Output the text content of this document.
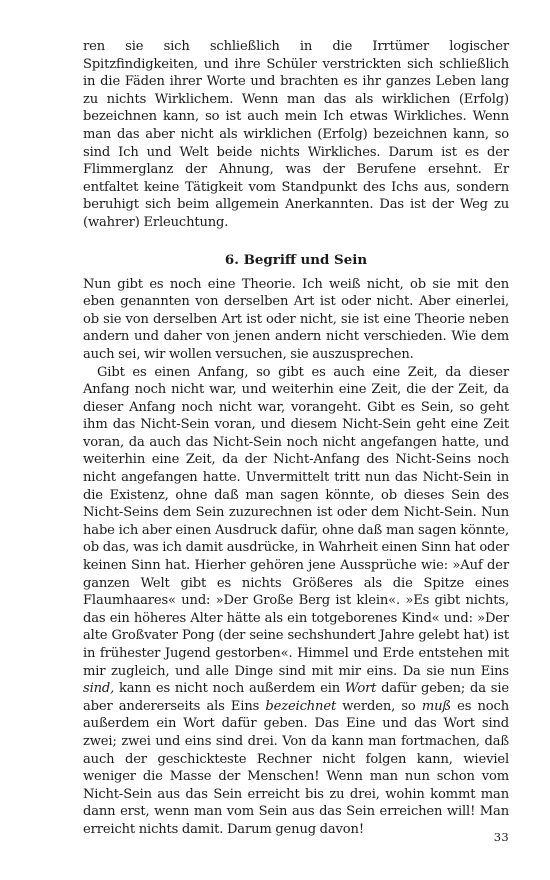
ren sie sich schließlich in die Irrtümer logischer Spitzfindigkeiten, und ihre Schüler verstrickten sich schließlich in die Fäden ihrer Worte und brachten es ihr ganzes Leben lang zu nichts Wirklichem. Wenn man das als wirklichen (Erfolg) bezeichnen kann, so ist auch mein Ich etwas Wirkliches. Wenn man das aber nicht als wirklichen (Erfolg) bezeichnen kann, so sind Ich und Welt beide nichts Wirkliches. Darum ist es der Flimmerglanz der Ahnung, was der Berufene ersehnt. Er entfaltet keine Tätigkeit vom Standpunkt des Ichs aus, sondern beruhigt sich beim allgemein Anerkannten. Das ist der Weg zu (wahrer) Erleuchtung.

6. Begriff und Sein

Nun gibt es noch eine Theorie. Ich weiß nicht, ob sie mit den eben genannten von derselben Art ist oder nicht. Aber einerlei, ob sie von derselben Art ist oder nicht, sie ist eine Theorie neben andern und daher von jenen andern nicht verschieden. Wie dem auch sei, wir wollen versuchen, sie auszusprechen.

Gibt es einen Anfang, so gibt es auch eine Zeit, da dieser Anfang noch nicht war, und weiterhin eine Zeit, die der Zeit, da dieser Anfang noch nicht war, vorangeht. Gibt es Sein, so geht ihm das Nicht-Sein voran, und diesem Nicht-Sein geht eine Zeit voran, da auch das Nicht-Sein noch nicht angefangen hatte, und weiterhin eine Zeit, da der Nicht-Anfang des Nicht-Seins noch nicht angefangen hatte. Unvermittelt tritt nun das Nicht-Sein in die Existenz, ohne daß man sagen könnte, ob dieses Sein des Nicht-Seins dem Sein zuzurechnen ist oder dem Nicht-Sein. Nun habe ich aber einen Ausdruck dafür, ohne daß man sagen könnte, ob das, was ich damit ausdrücke, in Wahrheit einen Sinn hat oder keinen Sinn hat. Hierher gehören jene Aussprüche wie: »Auf der ganzen Welt gibt es nichts Größeres als die Spitze eines Flaumhaares« und: »Der Große Berg ist klein«. »Es gibt nichts, das ein höheres Alter hätte als ein totgeborenes Kind« und: »Der alte Großvater Pong (der seine sechshundert Jahre gelebt hat) ist in frühester Jugend gestorben«. Himmel und Erde entstehen mit mir zugleich, und alle Dinge sind mit mir eins. Da sie nun Eins sind, kann es nicht noch außerdem ein Wort dafür geben; da sie aber andererseits als Eins bezeichnet werden, so muß es noch außerdem ein Wort dafür geben. Das Eine und das Wort sind zwei; zwei und eins sind drei. Von da kann man fortmachen, daß auch der geschickteste Rechner nicht folgen kann, wieviel weniger die Masse der Menschen! Wenn man nun schon vom Nicht-Sein aus das Sein erreicht bis zu drei, wohin kommt man dann erst, wenn man vom Sein aus das Sein erreichen will! Man erreicht nichts damit. Darum genug davon!

33
